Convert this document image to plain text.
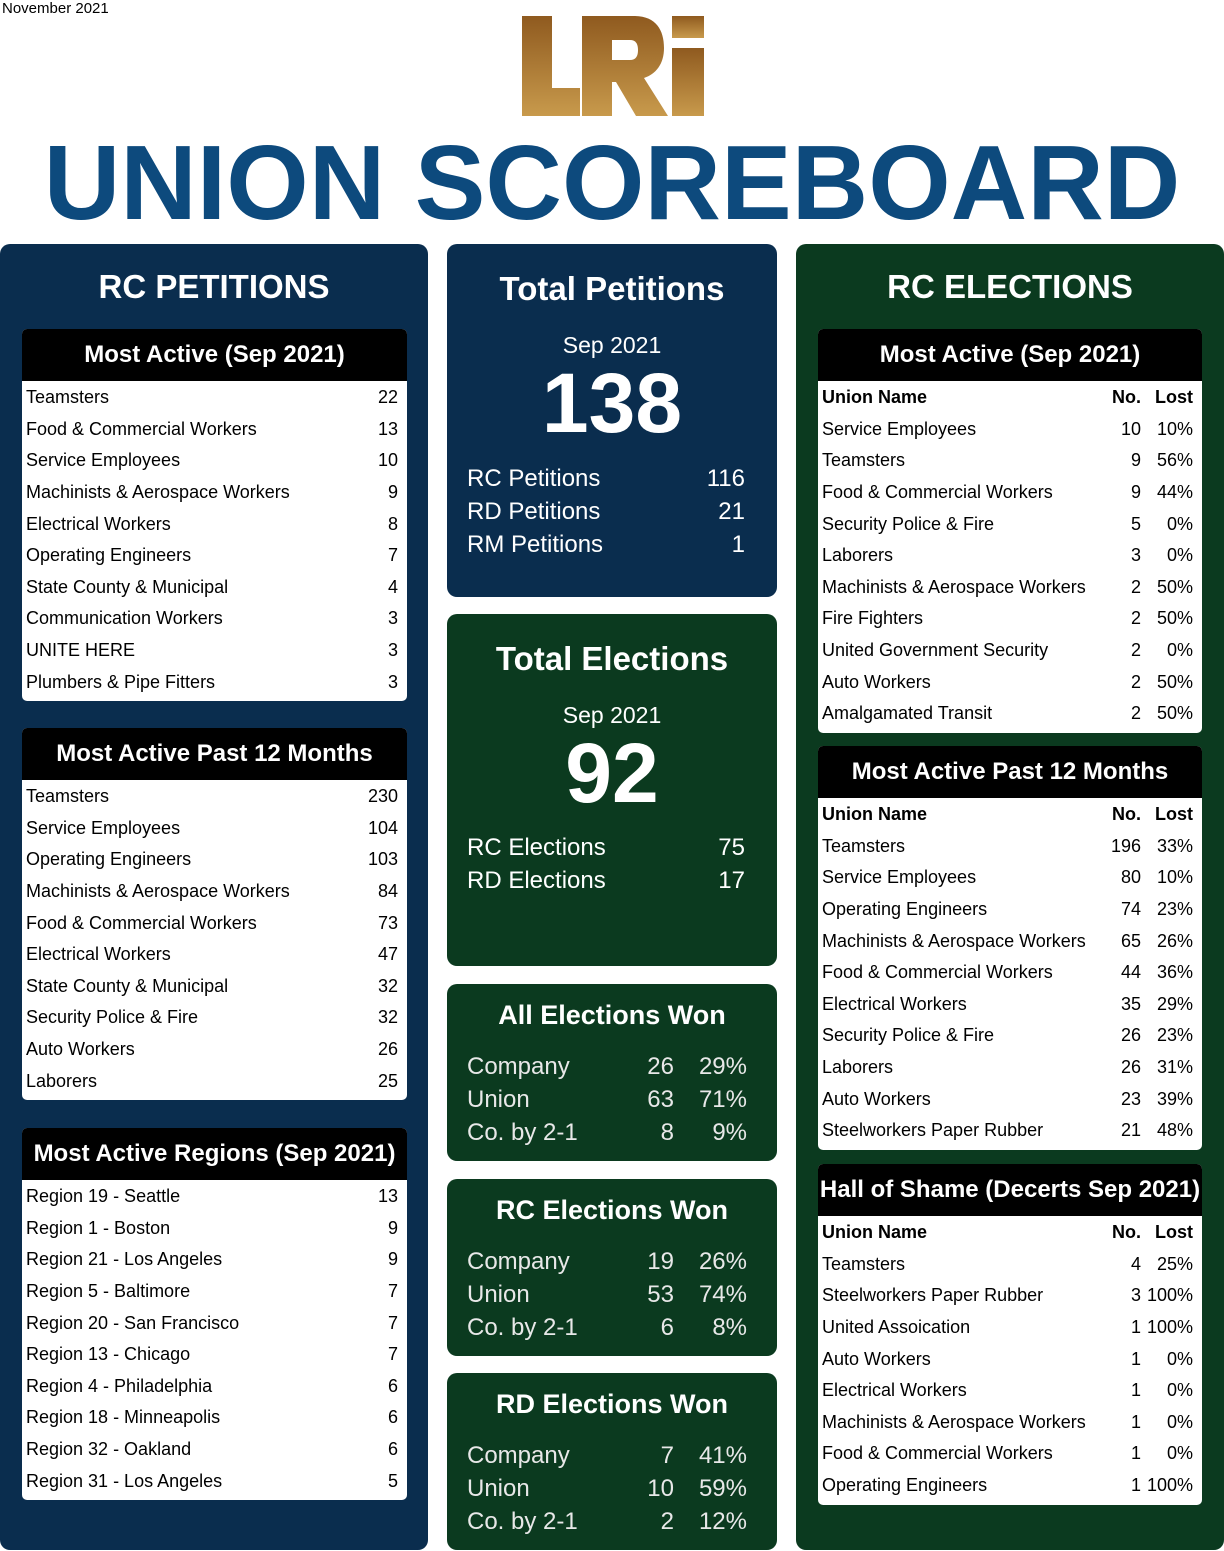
November 2021
UNION SCOREBOARD
RC PETITIONS
Most Active (Sep 2021)
Teamsters	22
Food & Commercial Workers	13
Service Employees	10
Machinists & Aerospace Workers	9
Electrical Workers	8
Operating Engineers	7
State County & Municipal	4
Communication Workers	3
UNITE HERE	3
Plumbers & Pipe Fitters	3
Most Active Past 12 Months
Teamsters	230
Service Employees	104
Operating Engineers	103
Machinists & Aerospace Workers	84
Food & Commercial Workers	73
Electrical Workers	47
State County & Municipal	32
Security Police & Fire	32
Auto Workers	26
Laborers	25
Most Active Regions (Sep 2021)
Region 19 - Seattle	13
Region 1 - Boston	9
Region 21 - Los Angeles	9
Region 5 - Baltimore	7
Region 20 - San Francisco	7
Region 13 - Chicago	7
Region 4 - Philadelphia	6
Region 18 - Minneapolis	6
Region 32 - Oakland	6
Region 31 - Los Angeles	5
Total Petitions
Sep 2021
138
RC Petitions	116
RD Petitions	21
RM Petitions	1
Total Elections
Sep 2021
92
RC Elections	75
RD Elections	17
All Elections Won
Company	26	29%
Union	63	71%
Co. by 2-1	8	9%
RC Elections Won
Company	19	26%
Union	53	74%
Co. by 2-1	6	8%
RD Elections Won
Company	7	41%
Union	10	59%
Co. by 2-1	2	12%
RC ELECTIONS
Most Active (Sep 2021)
Union Name	No. Lost
Service Employees	10 10%
Teamsters	9 56%
Food & Commercial Workers	9 44%
Security Police & Fire	5	0%
Laborers	3	0%
Machinists & Aerospace Workers	2 50%
Fire Fighters	2 50%
United Government Security	2	0%
Auto Workers	2 50%
Amalgamated Transit	2 50%
Most Active Past 12 Months
Union Name	No. Lost
Teamsters	196 33%
Service Employees	80 10%
Operating Engineers	74 23%
Machinists & Aerospace Workers	65 26%
Food & Commercial Workers	44 36%
Electrical Workers	35 29%
Security Police & Fire	26 23%
Laborers	26 31%
Auto Workers	23 39%
Steelworkers Paper Rubber	21 48%
Hall of Shame (Decerts Sep 2021)
Union Name	No. Lost
Teamsters	4 25%
Steelworkers Paper Rubber	3 100%
United Assoication	1 100%
Auto Workers	1	0%
Electrical Workers	1	0%
Machinists & Aerospace Workers	1	0%
Food & Commercial Workers	1	0%
Operating Engineers	1 100%
